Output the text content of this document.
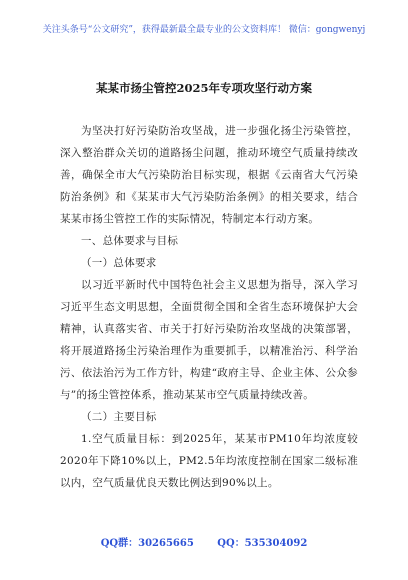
关注头条号“公文研究”，获得最新最全最专业的公文资料库！ 微信：gongwenyj
某某市扬尘管控2025年专项攻坚行动方案

为坚决打好污染防治攻坚战，进一步强化扬尘污染管控，深入整治群众关切的道路扬尘问题，推动环境空气质量持续改善，确保全市大气污染防治目标实现，根据《云南省大气污染防治条例》和《某某市大气污染防治条例》的相关要求，结合某某市扬尘管控工作的实际情况，特制定本行动方案。

一、总体要求与目标

（一）总体要求

以习近平新时代中国特色社会主义思想为指导，深入学习习近平生态文明思想，全面贯彻全国和全省生态环境保护大会精神，认真落实省、市关于打好污染防治攻坚战的决策部署，将开展道路扬尘污染治理作为重要抓手，以精准治污、科学治污、依法治污为工作方针，构建“政府主导、企业主体、公众参与”的扬尘管控体系，推动某某市空气质量持续改善。

（二）主要目标

1.空气质量目标：到2025年，某某市PM10年均浓度较2020年下降10%以上，PM2.5年均浓度控制在国家二级标准以内，空气质量优良天数比例达到90%以上。

QQ群：30265665 QQ：535304092
